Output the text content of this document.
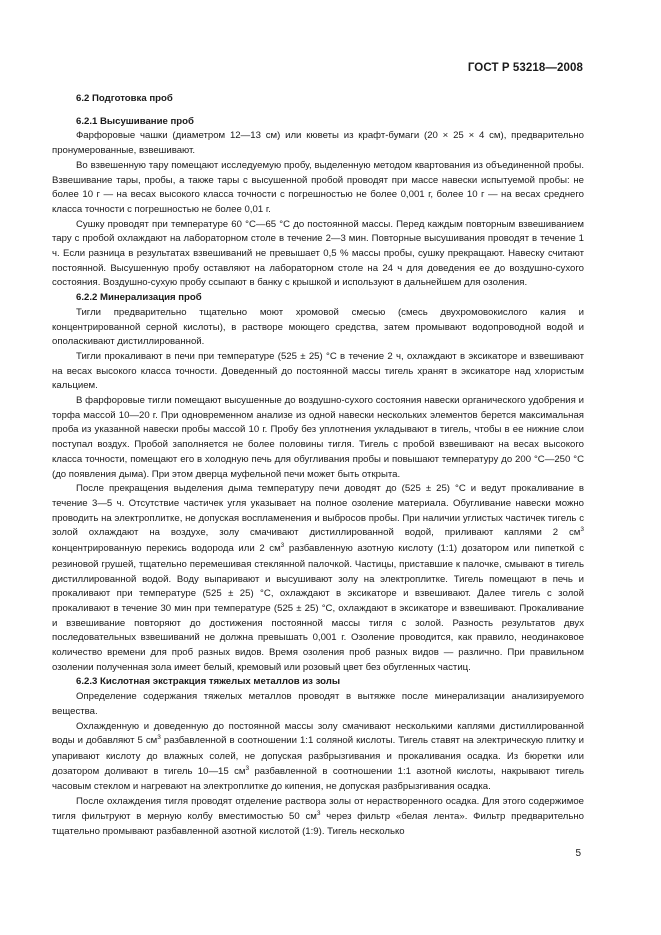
ГОСТ Р 53218—2008

6.2 Подготовка проб

6.2.1 Высушивание проб

Фарфоровые чашки (диаметром 12—13 см) или кюветы из крафт-бумаги (20 × 25 × 4 см), предварительно пронумерованные, взвешивают.

Во взвешенную тару помещают исследуемую пробу, выделенную методом квартования из объединенной пробы. Взвешивание тары, пробы, а также тары с высушенной пробой проводят при массе навески испытуемой пробы: не более 10 г — на весах высокого класса точности с погрешностью не более 0,001 г, более 10 г — на весах среднего класса точности с погрешностью не более 0,01 г.

Сушку проводят при температуре 60 °С—65 °С до постоянной массы. Перед каждым повторным взвешиванием тару с пробой охлаждают на лабораторном столе в течение 2—3 мин. Повторные высушивания проводят в течение 1 ч. Если разница в результатах взвешиваний не превышает 0,5 % массы пробы, сушку прекращают. Навеску считают постоянной. Высушенную пробу оставляют на лабораторном столе на 24 ч для доведения ее до воздушно-сухого состояния. Воздушно-сухую пробу ссыпают в банку с крышкой и используют в дальнейшем для озоления.

6.2.2 Минерализация проб

Тигли предварительно тщательно моют хромовой смесью (смесь двухромовокислого калия и концентрированной серной кислоты), в растворе моющего средства, затем промывают водопроводной водой и ополаскивают дистиллированной.

Тигли прокаливают в печи при температуре (525 ± 25) °С в течение 2 ч, охлаждают в эксикаторе и взвешивают на весах высокого класса точности. Доведенный до постоянной массы тигель хранят в эксикаторе над хлористым кальцием.

В фарфоровые тигли помещают высушенные до воздушно-сухого состояния навески органического удобрения и торфа массой 10—20 г. При одновременном анализе из одной навески нескольких элементов берется максимальная проба из указанной навески пробы массой 10 г. Пробу без уплотнения укладывают в тигель, чтобы в ее нижние слои поступал воздух. Пробой заполняется не более половины тигля. Тигель с пробой взвешивают на весах высокого класса точности, помещают его в холодную печь для обугливания пробы и повышают температуру до 200 °С—250 °С (до появления дыма). При этом дверца муфельной печи может быть открыта.

После прекращения выделения дыма температуру печи доводят до (525 ± 25) °С и ведут прокаливание в течение 3—5 ч. Отсутствие частичек угля указывает на полное озоление материала. Обугливание навески можно проводить на электроплитке, не допуская воспламенения и выбросов пробы. При наличии углистых частичек тигель с золой охлаждают на воздухе, золу смачивают дистиллированной водой, приливают каплями 2 $см^3$ концентрированную перекись водорода или 2 $см^3$ разбавленную азотную кислоту (1:1) дозатором или пипеткой с резиновой грушей, тщательно перемешивая стеклянной палочкой. Частицы, приставшие к палочке, смывают в тигель дистиллированной водой. Воду выпаривают и высушивают золу на электроплитке. Тигель помещают в печь и прокаливают при температуре (525 ± 25) °С, охлаждают в эксикаторе и взвешивают. Далее тигель с золой прокаливают в течение 30 мин при температуре (525 ± 25) °С, охлаждают в эксикаторе и взвешивают. Прокаливание и взвешивание повторяют до достижения постоянной массы тигля с золой. Разность результатов двух последовательных взвешиваний не должна превышать 0,001 г. Озоление проводится, как правило, неодинаковое количество времени для проб разных видов. Время озоления проб разных видов — различно. При правильном озолении полученная зола имеет белый, кремовый или розовый цвет без обугленных частиц.

6.2.3 Кислотная экстракция тяжелых металлов из золы

Определение содержания тяжелых металлов проводят в вытяжке после минерализации анализируемого вещества.

Охлажденную и доведенную до постоянной массы золу смачивают несколькими каплями дистиллированной воды и добавляют 5 $см^3$ разбавленной в соотношении 1:1 соляной кислоты. Тигель ставят на электрическую плитку и упаривают кислоту до влажных солей, не допуская разбрызгивания и прокаливания осадка. Из бюретки или дозатором доливают в тигель 10—15 $см^3$ разбавленной в соотношении 1:1 азотной кислоты, накрывают тигель часовым стеклом и нагревают на электроплитке до кипения, не допуская разбрызгивания осадка.

После охлаждения тигля проводят отделение раствора золы от нерастворенного осадка. Для этого содержимое тигля фильтруют в мерную колбу вместимостью 50 $см^3$ через фильтр «белая лента». Фильтр предварительно тщательно промывают разбавленной азотной кислотой (1:9). Тигель несколько

5
